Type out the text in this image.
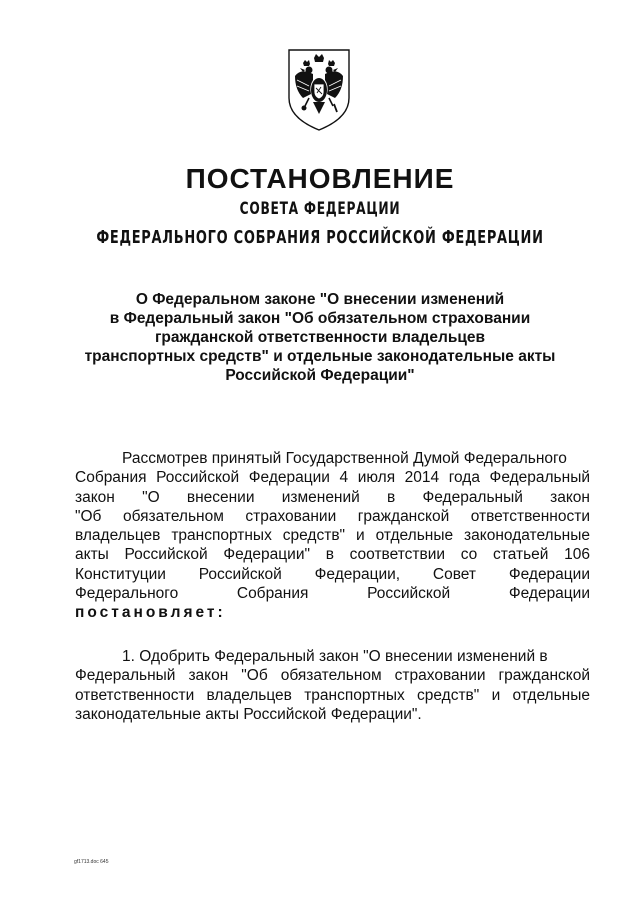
ПОСТАНОВЛЕНИЕ
СОВЕТА ФЕДЕРАЦИИ
ФЕДЕРАЛЬНОГО СОБРАНИЯ РОССИЙСКОЙ ФЕДЕРАЦИИ
О Федеральном законе "О внесении изменений
в Федеральный закон "Об обязательном страховании
гражданской ответственности владельцев
транспортных средств" и отдельные законодательные акты
Российской Федерации"
Рассмотрев принятый Государственной Думой Федерального
Собрания Российской Федерации 4 июля 2014 года Федеральный
закон "О внесении изменений в Федеральный закон
"Об обязательном страховании гражданской ответственности
владельцев транспортных средств" и отдельные законодательные
акты Российской Федерации" в соответствии со статьей 106
Конституции Российской Федерации, Совет Федерации
Федерального Собрания Российской Федерации
постановляет:
1. Одобрить Федеральный закон "О внесении изменений в
Федеральный закон "Об обязательном страховании гражданской
ответственности владельцев транспортных средств" и отдельные
законодательные акты Российской Федерации".
gf1713.doc 645
